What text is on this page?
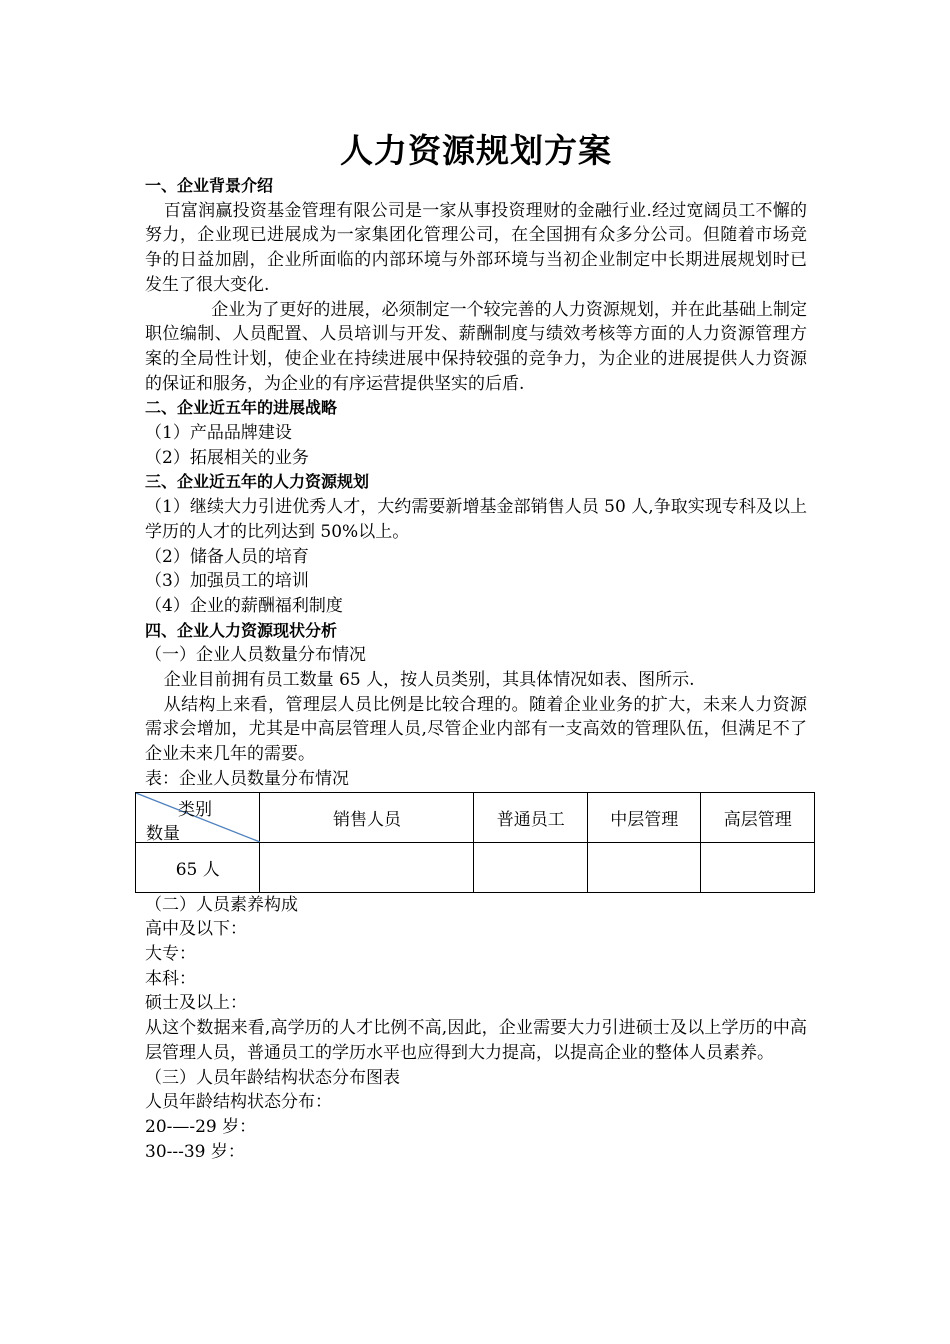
人力资源规划方案

一、企业背景介绍

百富润赢投资基金管理有限公司是一家从事投资理财的金融行业.经过宽阔员工不懈的努力，企业现已进展成为一家集团化管理公司，在全国拥有众多分公司。但随着市场竞争的日益加剧，企业所面临的内部环境与外部环境与当初企业制定中长期进展规划时已发生了很大变化.

企业为了更好的进展，必须制定一个较完善的人力资源规划，并在此基础上制定职位编制、人员配置、人员培训与开发、薪酬制度与绩效考核等方面的人力资源管理方案的全局性计划，使企业在持续进展中保持较强的竞争力，为企业的进展提供人力资源的保证和服务，为企业的有序运营提供坚实的后盾.

二、企业近五年的进展战略

（1）产品品牌建设

（2）拓展相关的业务

三、企业近五年的人力资源规划

（1）继续大力引进优秀人才，大约需要新增基金部销售人员 50 人,争取实现专科及以上学历的人才的比列达到 50%以上。

（2）储备人员的培育

（3）加强员工的培训

（4）企业的薪酬福利制度

四、企业人力资源现状分析

（一）企业人员数量分布情况

企业目前拥有员工数量 65 人，按人员类别，其具体情况如表、图所示.

从结构上来看，管理层人员比例是比较合理的。随着企业业务的扩大，未来人力资源需求会增加，尤其是中高层管理人员,尽管企业内部有一支高效的管理队伍，但满足不了企业未来几年的需要。

表：企业人员数量分布情况

类别
数量	销售人员	普通员工	中层管理	高层管理
65 人				

（二）人员素养构成

高中及以下：

大专：

本科：

硕士及以上：

从这个数据来看,高学历的人才比例不高,因此，企业需要大力引进硕士及以上学历的中高层管理人员，普通员工的学历水平也应得到大力提高，以提高企业的整体人员素养。

（三）人员年龄结构状态分布图表

人员年龄结构状态分布：

20-—-29 岁：

30---39 岁：
